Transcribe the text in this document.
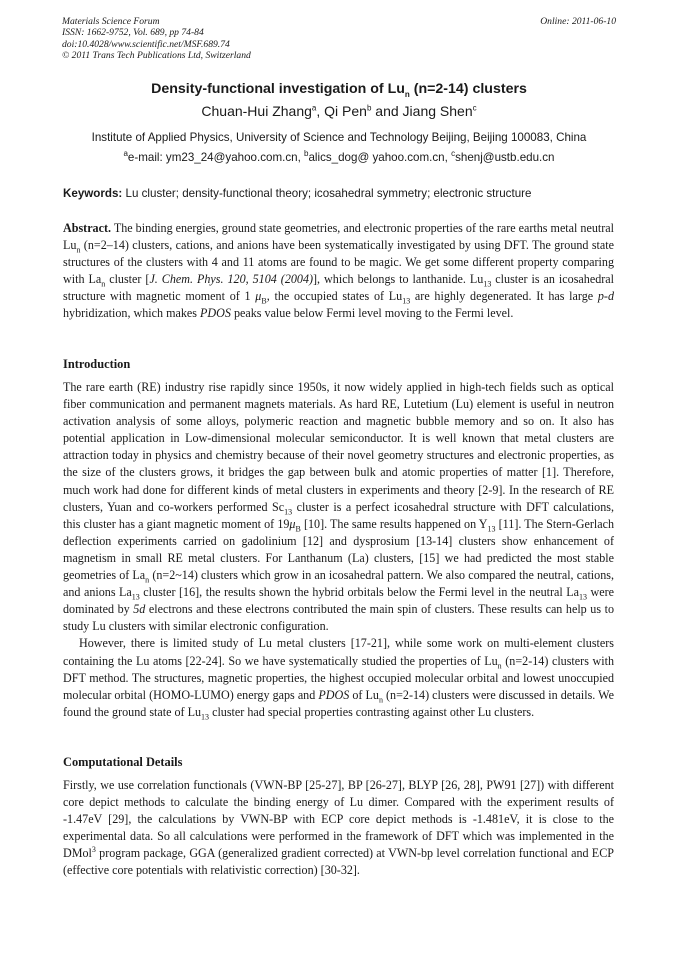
Materials Science Forum
ISSN: 1662-9752, Vol. 689, pp 74-84
doi:10.4028/www.scientific.net/MSF.689.74
© 2011 Trans Tech Publications Ltd, Switzerland
Online: 2011-06-10
Density-functional investigation of $Lu_n$ (n=2-14) clusters
Chuan-Hui Zhang$^a$, Qi Pen$^b$ and Jiang Shen$^c$
Institute of Applied Physics, University of Science and Technology Beijing, Beijing 100083, China
$^a$e-mail: ym23_24@yahoo.com.cn, $^b$alics_dog@ yahoo.com.cn, $^c$shenj@ustb.edu.cn
Keywords: Lu cluster; density-functional theory; icosahedral symmetry; electronic structure

Abstract. The binding energies, ground state geometries, and electronic properties of the rare earths metal neutral $Lu_n$ (n=2–14) clusters, cations, and anions have been systematically investigated by using DFT. The ground state structures of the clusters with 4 and 11 atoms are found to be magic. We get some different property comparing with $La_n$ cluster [J. Chem. Phys. 120, 5104 (2004)], which belongs to lanthanide. $Lu_{13}$ cluster is an icosahedral structure with magnetic moment of 1 $\mu_B$, the occupied states of $Lu_{13}$ are highly degenerated. It has large p-d hybridization, which makes PDOS peaks value below Fermi level moving to the Fermi level.

Introduction

The rare earth (RE) industry rise rapidly since 1950s, it now widely applied in high-tech fields such as optical fiber communication and permanent magnets materials. As hard RE, Lutetium (Lu) element is useful in neutron activation analysis of some alloys, polymeric reaction and magnetic bubble memory and so on. It also has potential application in Low-dimensional molecular semiconductor. It is well known that metal clusters are attraction today in physics and chemistry because of their novel geometry structures and electronic properties, as the size of the clusters grows, it bridges the gap between bulk and atomic properties of matter [1]. Therefore, much work had done for different kinds of metal clusters in experiments and theory [2-9]. In the research of RE clusters, Yuan and co-workers performed $Sc_{13}$ cluster is a perfect icosahedral structure with DFT calculations, this cluster has a giant magnetic moment of $19\mu_B$ [10]. The same results happened on $Y_{13}$ [11]. The Stern-Gerlach deflection experiments carried on gadolinium [12] and dysprosium [13-14] clusters show enhancement of magnetism in small RE metal clusters. For Lanthanum (La) clusters, [15] we had predicted the most stable geometries of $La_n$ (n=2~14) clusters which grow in an icosahedral pattern. We also compared the neutral, cations, and anions $La_{13}$ cluster [16], the results shown the hybrid orbitals below the Fermi level in the neutral $La_{13}$ were dominated by 5d electrons and these electrons contributed the main spin of clusters. These results can help us to study Lu clusters with similar electronic configuration.

However, there is limited study of Lu metal clusters [17-21], while some work on multi-element clusters containing the Lu atoms [22-24]. So we have systematically studied the properties of $Lu_n$ (n=2-14) clusters with DFT method. The structures, magnetic properties, the highest occupied molecular orbital and lowest unoccupied molecular orbital (HOMO-LUMO) energy gaps and PDOS of $Lu_n$ (n=2-14) clusters were discussed in details. We found the ground state of $Lu_{13}$ cluster had special properties contrasting against other Lu clusters.

Computational Details

Firstly, we use correlation functionals (VWN-BP [25-27], BP [26-27], BLYP [26, 28], PW91 [27]) with different core depict methods to calculate the binding energy of Lu dimer. Compared with the experiment results of -1.47eV [29], the calculations by VWN-BP with ECP core depict methods is -1.481eV, it is close to the experimental data. So all calculations were performed in the framework of DFT which was implemented in the DMol$^3$ program package, GGA (generalized gradient corrected) at VWN-bp level correlation functional and ECP (effective core potentials with relativistic correction) [30-32].
